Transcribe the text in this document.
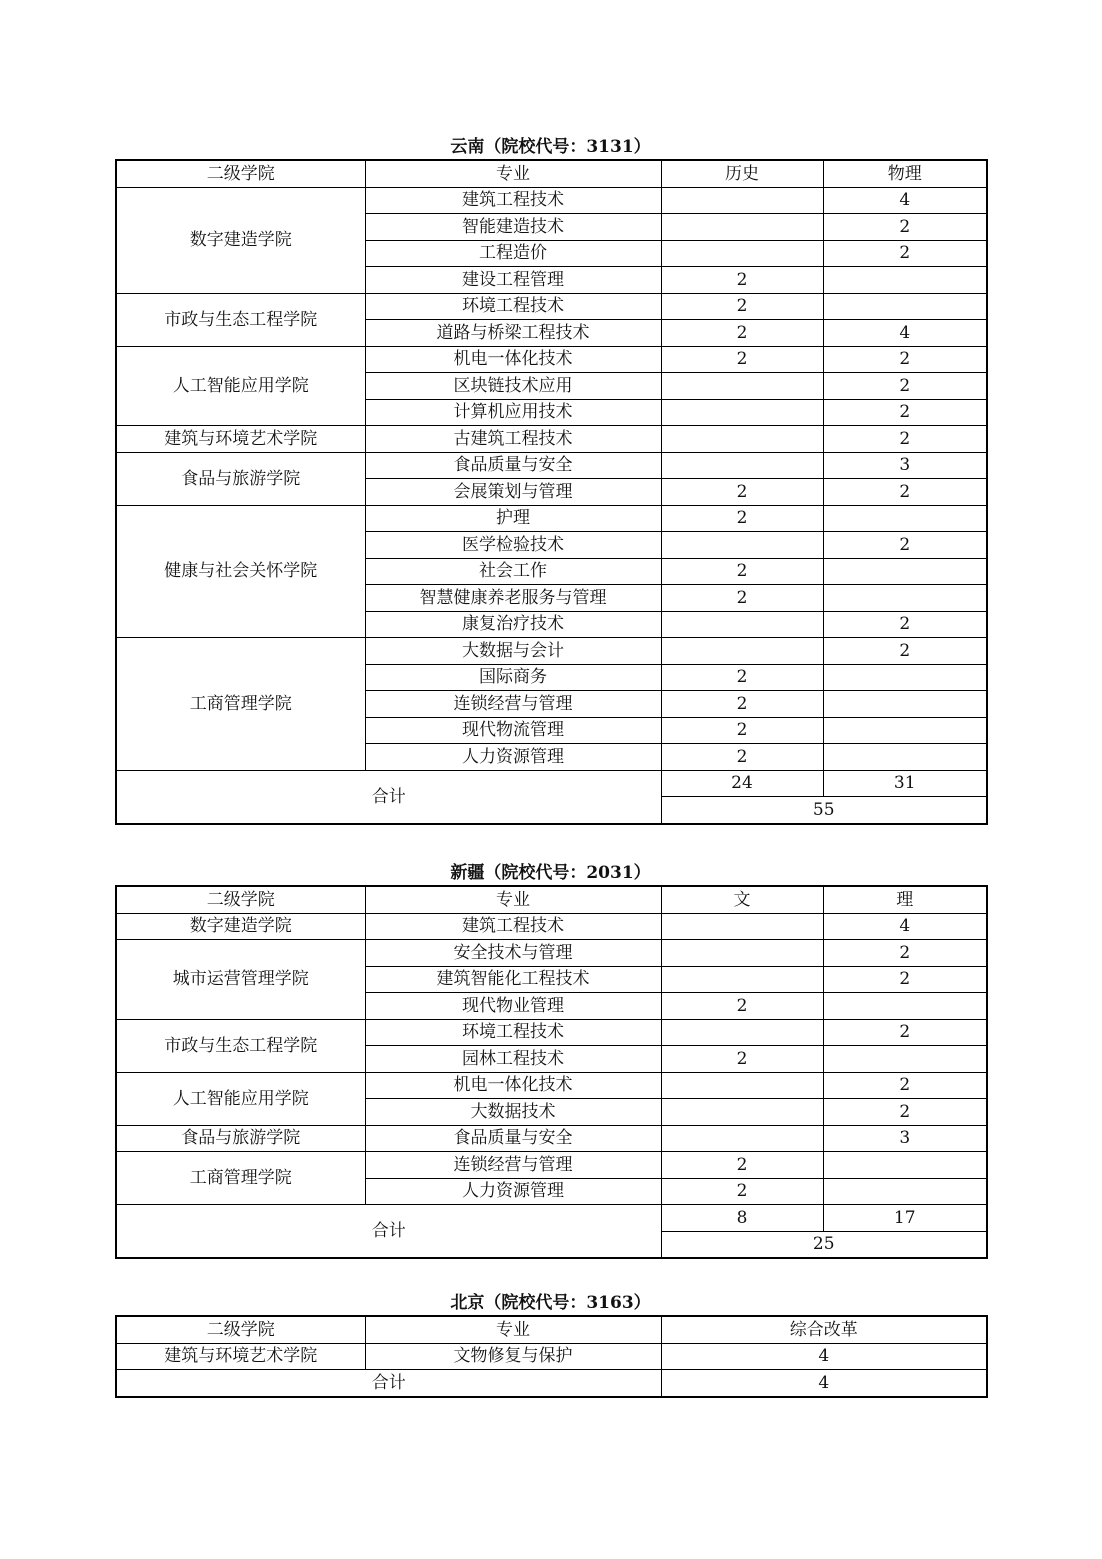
云南（院校代号：3131）
二级学院	专业	历史	物理
数字建造学院	建筑工程技术		4
	智能建造技术		2
	工程造价		2
	建设工程管理	2	
市政与生态工程学院	环境工程技术	2	
	道路与桥梁工程技术	2	4
人工智能应用学院	机电一体化技术	2	2
	区块链技术应用		2
	计算机应用技术		2
建筑与环境艺术学院	古建筑工程技术		2
食品与旅游学院	食品质量与安全		3
	会展策划与管理	2	2
健康与社会关怀学院	护理	2	
	医学检验技术		2
	社会工作	2	
	智慧健康养老服务与管理	2	
	康复治疗技术		2
工商管理学院	大数据与会计		2
	国际商务	2	
	连锁经营与管理	2	
	现代物流管理	2	
	人力资源管理	2	
合计		24	31
		55	
新疆（院校代号：2031）
二级学院	专业	文	理
数字建造学院	建筑工程技术		4
城市运营管理学院	安全技术与管理		2
	建筑智能化工程技术		2
	现代物业管理	2	
市政与生态工程学院	环境工程技术		2
	园林工程技术	2	
人工智能应用学院	机电一体化技术		2
	大数据技术		2
食品与旅游学院	食品质量与安全		3
工商管理学院	连锁经营与管理	2	
	人力资源管理	2	
合计		8	17
		25	
北京（院校代号：3163）
二级学院	专业	综合改革
建筑与环境艺术学院	文物修复与保护	4
合计		4
